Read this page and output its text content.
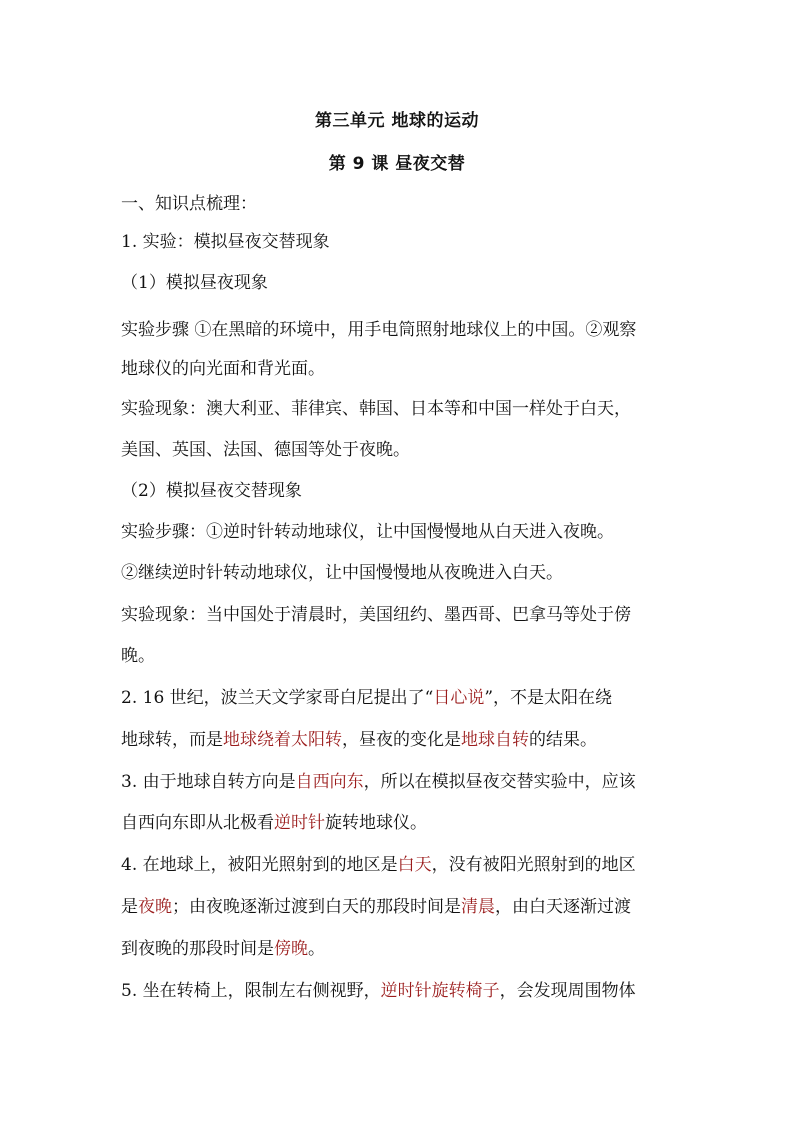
第三单元 地球的运动
第 9 课 昼夜交替
一、知识点梳理：
1. 实验：模拟昼夜交替现象
（1）模拟昼夜现象
实验步骤 ①在黑暗的环境中，用手电筒照射地球仪上的中国。②观察
地球仪的向光面和背光面。
实验现象：澳大利亚、菲律宾、韩国、日本等和中国一样处于白天，
美国、英国、法国、德国等处于夜晚。
（2）模拟昼夜交替现象
实验步骤：①逆时针转动地球仪，让中国慢慢地从白天进入夜晚。
②继续逆时针转动地球仪，让中国慢慢地从夜晚进入白天。
实验现象：当中国处于清晨时，美国纽约、墨西哥、巴拿马等处于傍
晚。
2. 16 世纪，波兰天文学家哥白尼提出了“日心说”，不是太阳在绕
地球转，而是地球绕着太阳转，昼夜的变化是地球自转的结果。
3. 由于地球自转方向是自西向东，所以在模拟昼夜交替实验中，应该
自西向东即从北极看逆时针旋转地球仪。
4. 在地球上，被阳光照射到的地区是白天，没有被阳光照射到的地区
是夜晚；由夜晚逐渐过渡到白天的那段时间是清晨，由白天逐渐过渡
到夜晚的那段时间是傍晚。
5. 坐在转椅上，限制左右侧视野，逆时针旋转椅子，会发现周围物体
